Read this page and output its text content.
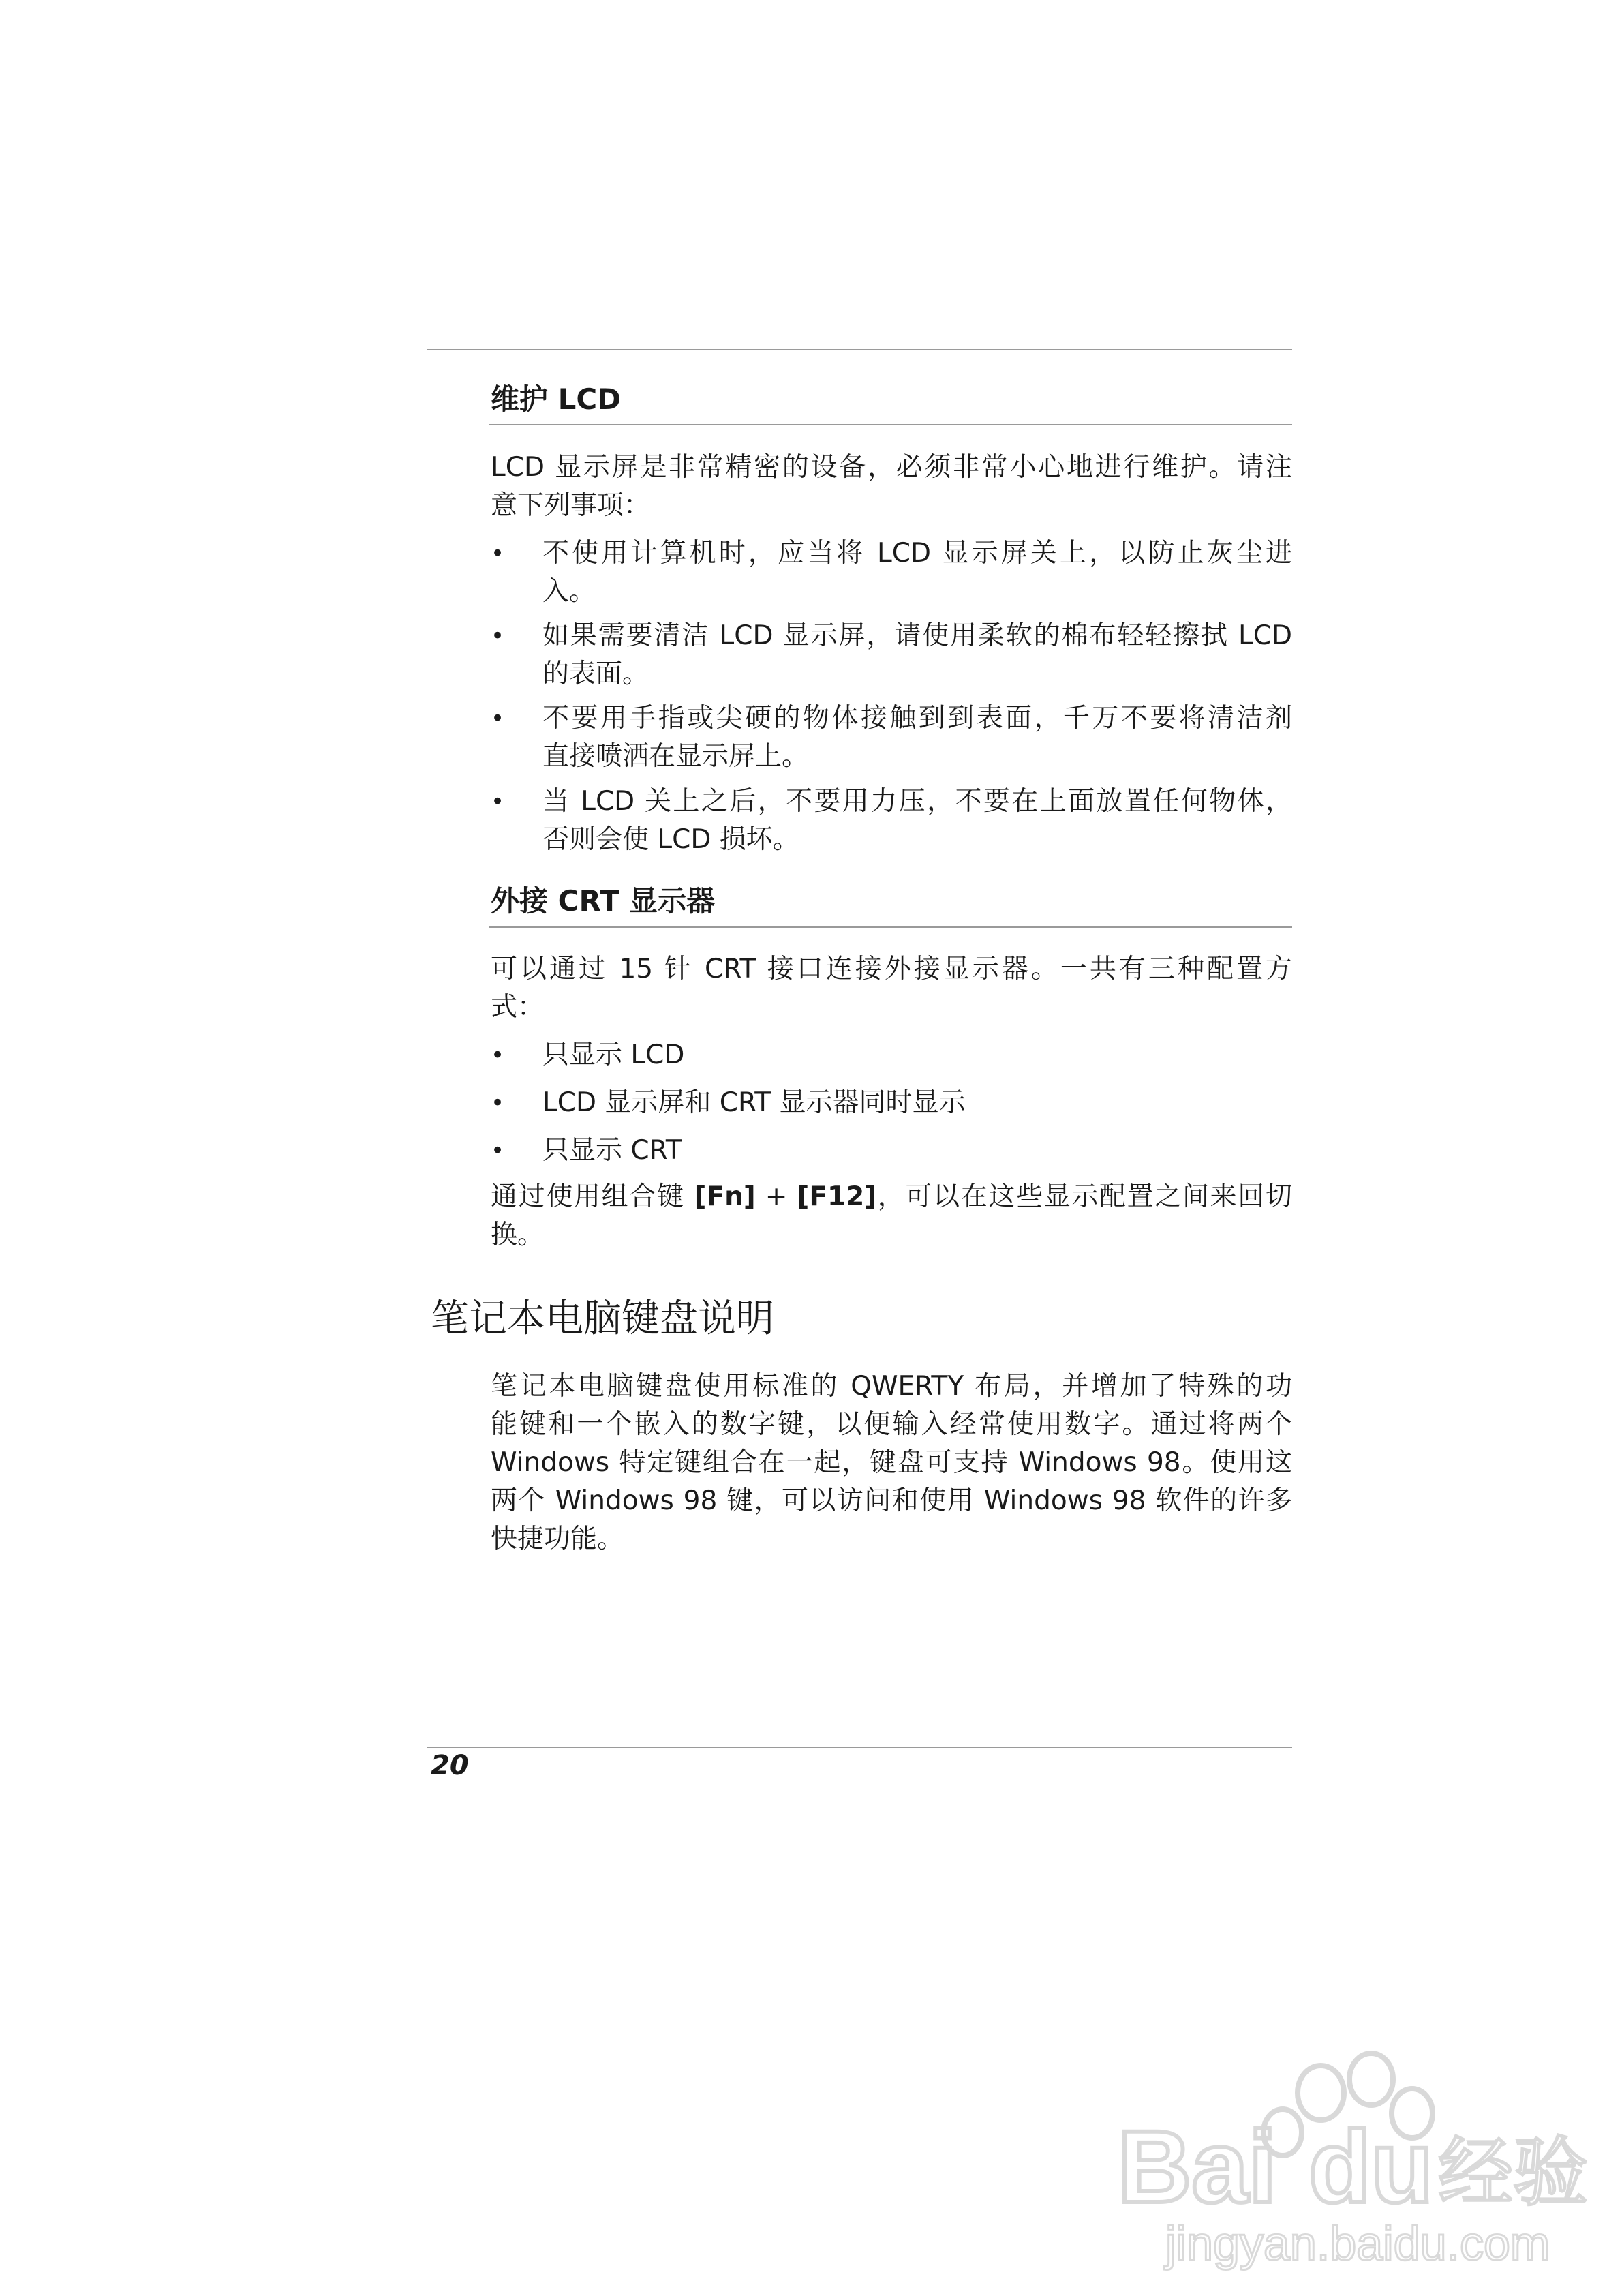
维护 LCD
LCD 显示屏是非常精密的设备，必须非常小心地进行维护。请注
意下列事项：
•	不使用计算机时，应当将 LCD 显示屏关上，以防止灰尘进
入。
•	如果需要清洁 LCD 显示屏，请使用柔软的棉布轻轻擦拭 LCD
的表面。
•	不要用手指或尖硬的物体接触到到表面，千万不要将清洁剂
直接喷洒在显示屏上。
•	当 LCD 关上之后，不要用力压，不要在上面放置任何物体，
否则会使 LCD 损坏。
外接 CRT 显示器
可以通过 15 针 CRT 接口连接外接显示器。一共有三种配置方
式：
•	只显示 LCD
•	LCD 显示屏和 CRT 显示器同时显示
•	只显示 CRT
通过使用组合键 [Fn] + [F12]，可以在这些显示配置之间来回切
换。
笔记本电脑键盘说明
笔记本电脑键盘使用标准的 QWERTY 布局，并增加了特殊的功
能键和一个嵌入的数字键，以便输入经常使用数字。通过将两个
Windows 特定键组合在一起，键盘可支持 Windows 98。使用这
两个 Windows 98 键，可以访问和使用 Windows 98 软件的许多
快捷功能。
20
Bai du 经验
jingyan.baidu.com
